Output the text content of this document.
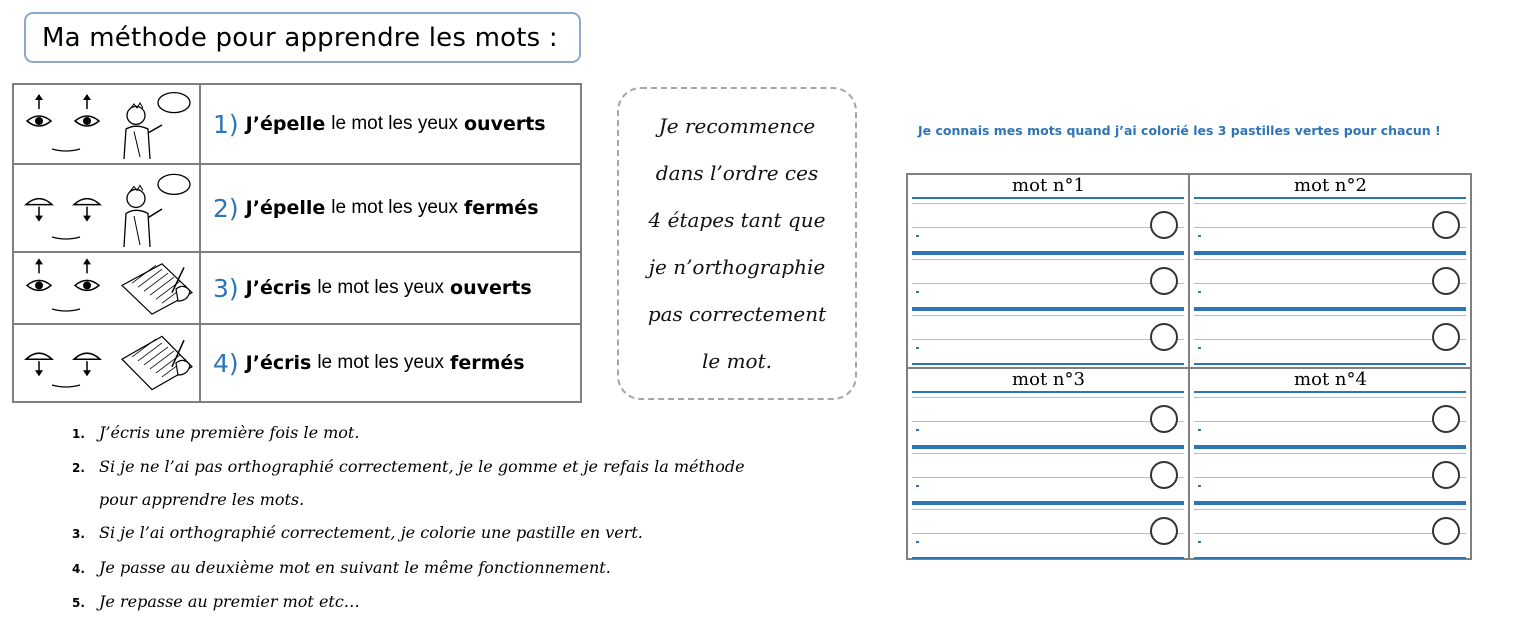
Ma méthode pour apprendre les mots :
1) J’épelle le mot les yeux ouverts
2) J’épelle le mot les yeux fermés
3) J’écris le mot les yeux ouverts
4) J’écris le mot les yeux fermés
Je recommence
dans l’ordre ces
4 étapes tant que
je n’orthographie
pas correctement
le mot.
1. J’écris une première fois le mot.
2. Si je ne l’ai pas orthographié correctement, je le gomme et je refais la méthode
pour apprendre les mots.
3. Si je l’ai orthographié correctement, je colorie une pastille en vert.
4. Je passe au deuxième mot en suivant le même fonctionnement.
5. Je repasse au premier mot etc…
Je connais mes mots quand j’ai colorié les 3 pastilles vertes pour chacun !
mot n°1	mot n°2
mot n°3	mot n°4
